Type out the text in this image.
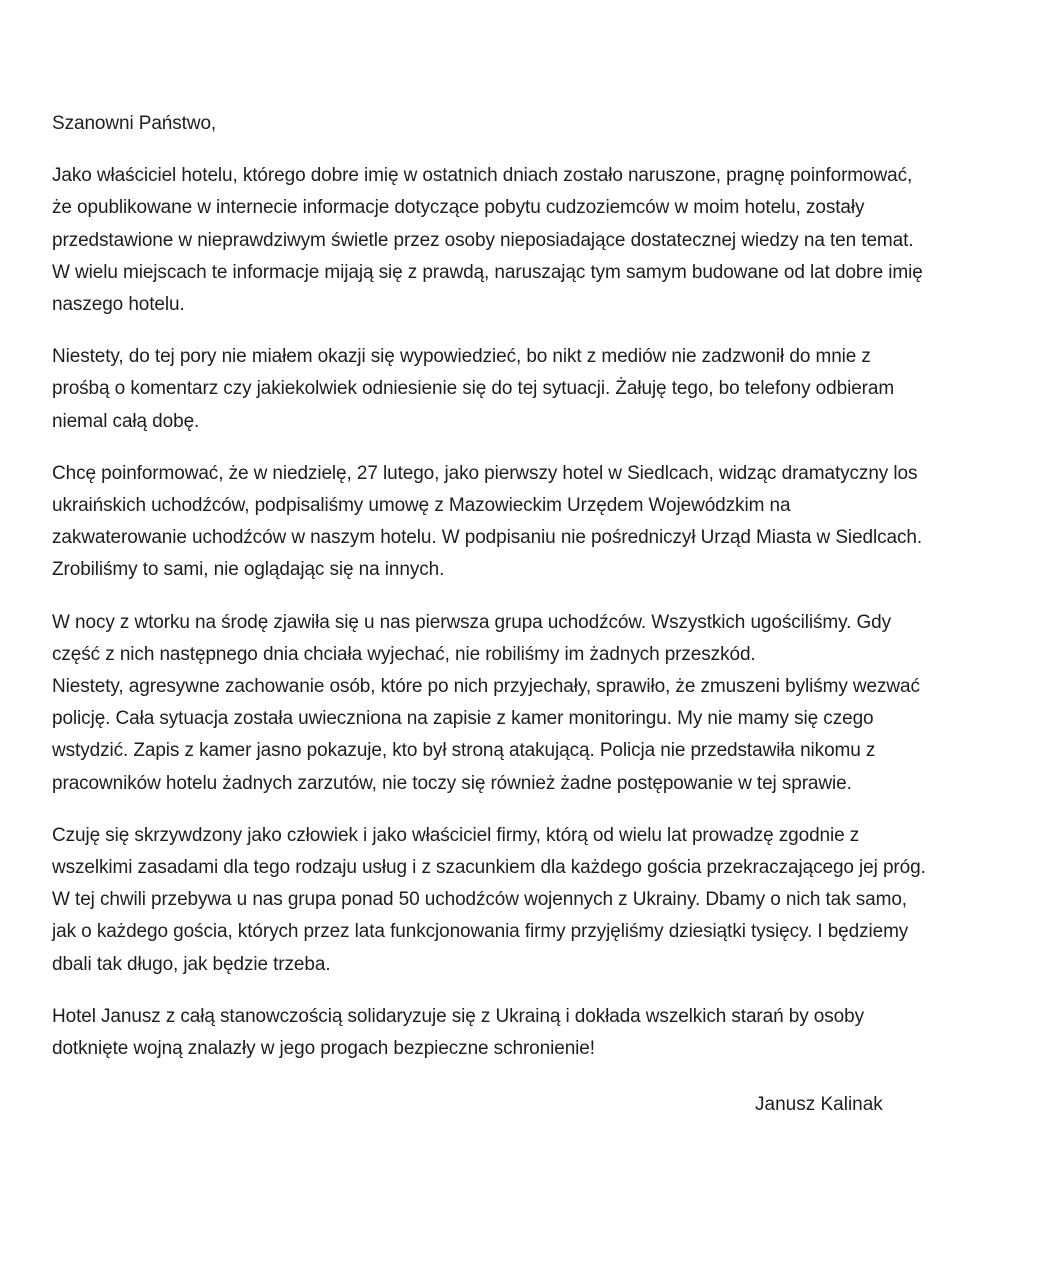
Szanowni Państwo,

Jako właściciel hotelu, którego dobre imię w ostatnich dniach zostało naruszone, pragnę poinformować,
że opublikowane w internecie informacje dotyczące pobytu cudzoziemców w moim hotelu, zostały
przedstawione w nieprawdziwym świetle przez osoby nieposiadające dostatecznej wiedzy na ten temat.
W wielu miejscach te informacje mijają się z prawdą, naruszając tym samym budowane od lat dobre imię
naszego hotelu.

Niestety, do tej pory nie miałem okazji się wypowiedzieć, bo nikt z mediów nie zadzwonił do mnie z
prośbą o komentarz czy jakiekolwiek odniesienie się do tej sytuacji. Żałuję tego, bo telefony odbieram
niemal całą dobę.

Chcę poinformować, że w niedzielę, 27 lutego, jako pierwszy hotel w Siedlcach, widząc dramatyczny los
ukraińskich uchodźców, podpisaliśmy umowę z Mazowieckim Urzędem Wojewódzkim na
zakwaterowanie uchodźców w naszym hotelu. W podpisaniu nie pośredniczył Urząd Miasta w Siedlcach.
Zrobiliśmy to sami, nie oglądając się na innych.

W nocy z wtorku na środę zjawiła się u nas pierwsza grupa uchodźców. Wszystkich ugościliśmy. Gdy
część z nich następnego dnia chciała wyjechać, nie robiliśmy im żadnych przeszkód.
Niestety, agresywne zachowanie osób, które po nich przyjechały, sprawiło, że zmuszeni byliśmy wezwać
policję. Cała sytuacja została uwieczniona na zapisie z kamer monitoringu. My nie mamy się czego
wstydzić. Zapis z kamer jasno pokazuje, kto był stroną atakującą. Policja nie przedstawiła nikomu z
pracowników hotelu żadnych zarzutów, nie toczy się również żadne postępowanie w tej sprawie.

Czuję się skrzywdzony jako człowiek i jako właściciel firmy, którą od wielu lat prowadzę zgodnie z
wszelkimi zasadami dla tego rodzaju usług i z szacunkiem dla każdego gościa przekraczającego jej próg.
W tej chwili przebywa u nas grupa ponad 50 uchodźców wojennych z Ukrainy. Dbamy o nich tak samo,
jak o każdego gościa, których przez lata funkcjonowania firmy przyjęliśmy dziesiątki tysięcy. I będziemy
dbali tak długo, jak będzie trzeba.

Hotel Janusz z całą stanowczością solidaryzuje się z Ukrainą i dokłada wszelkich starań by osoby
dotknięte wojną znalazły w jego progach bezpieczne schronienie!

Janusz Kalinak
